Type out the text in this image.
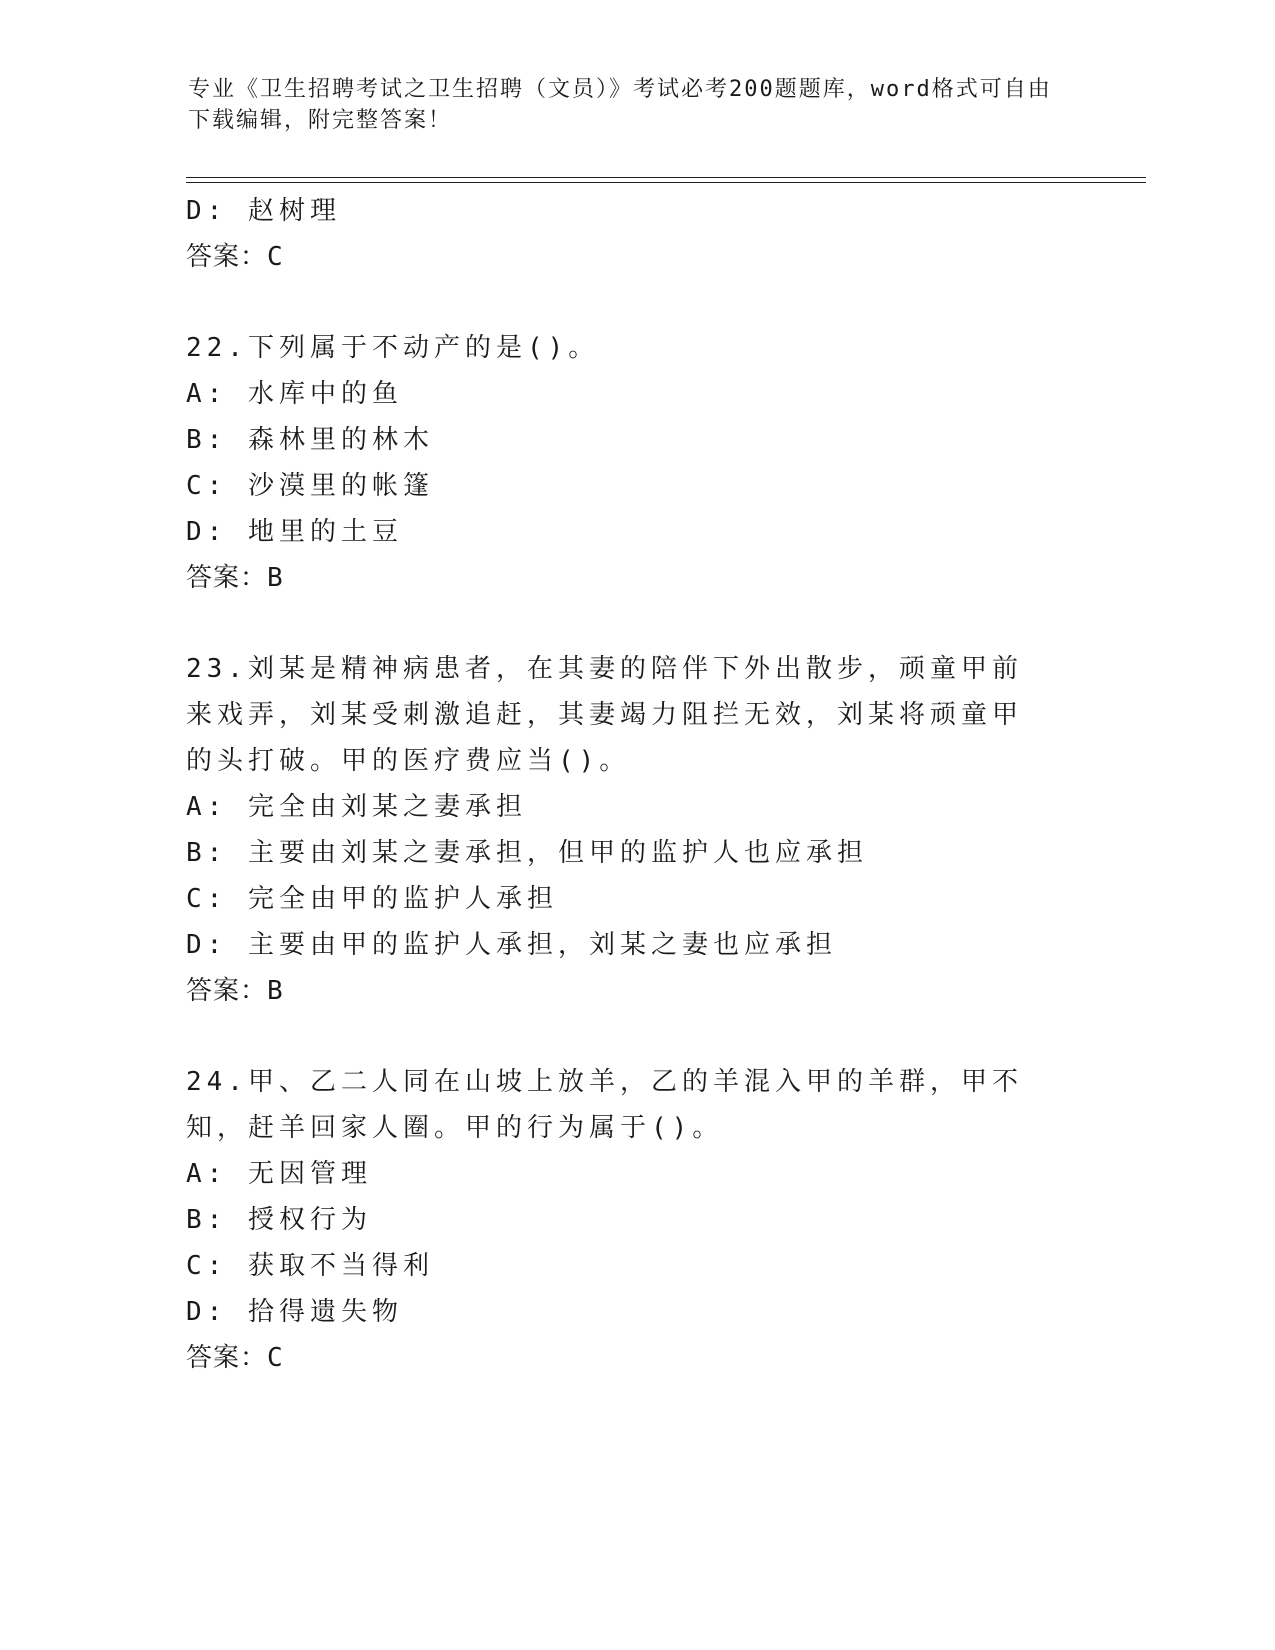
专业《卫生招聘考试之卫生招聘（文员）》考试必考200题题库，word格式可自由下载编辑，附完整答案！
D: 赵树理
答案：C
22.下列属于不动产的是()。
A: 水库中的鱼
B: 森林里的林木
C: 沙漠里的帐篷
D: 地里的土豆
答案：B
23.刘某是精神病患者，在其妻的陪伴下外出散步，顽童甲前来戏弄，刘某受刺激追赶，其妻竭力阻拦无效，刘某将顽童甲的头打破。甲的医疗费应当()。
A: 完全由刘某之妻承担
B: 主要由刘某之妻承担，但甲的监护人也应承担
C: 完全由甲的监护人承担
D: 主要由甲的监护人承担，刘某之妻也应承担
答案：B
24.甲、乙二人同在山坡上放羊，乙的羊混入甲的羊群，甲不知，赶羊回家人圈。甲的行为属于()。
A: 无因管理
B: 授权行为
C: 获取不当得利
D: 拾得遗失物
答案：C
